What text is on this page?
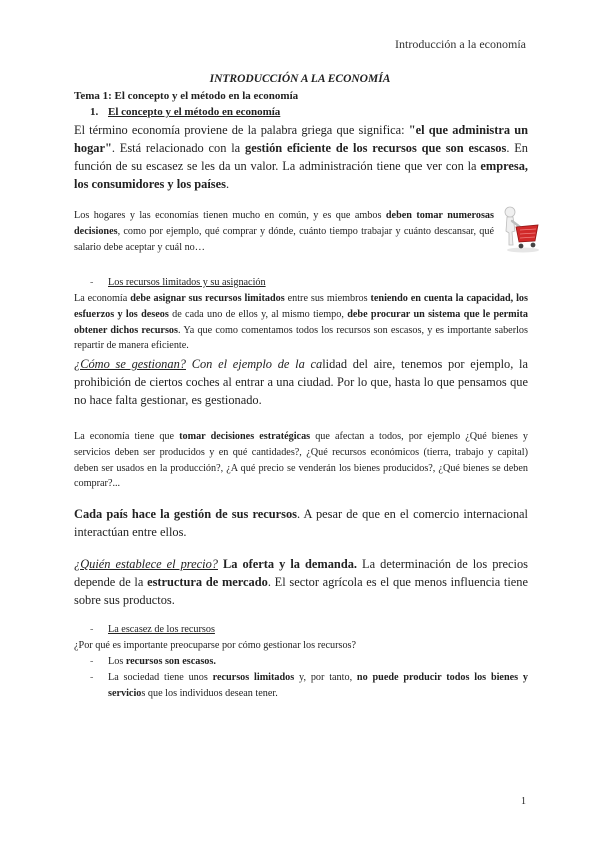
Introducción a la economía
INTRODUCCIÓN A LA ECONOMÍA
Tema 1: El concepto y el método en la economía
1. El concepto y el método en economía

El término economía proviene de la palabra griega que significa: "el que administra un hogar". Está relacionado con la gestión eficiente de los recursos que son escasos. En función de su escasez se les da un valor. La administración tiene que ver con la empresa, los consumidores y los países.

Los hogares y las economías tienen mucho en común, y es que ambos deben tomar numerosas decisiones, como por ejemplo, qué comprar y dónde, cuánto tiempo trabajar y cuánto descansar, qué salario debe aceptar y cuál no…

- Los recursos limitados y su asignación

La economía debe asignar sus recursos limitados entre sus miembros teniendo en cuenta la capacidad, los esfuerzos y los deseos de cada uno de ellos y, al mismo tiempo, debe procurar un sistema que le permita obtener dichos recursos. Ya que como comentamos todos los recursos son escasos, y es importante saberlos repartir de manera eficiente.

¿Cómo se gestionan? Con el ejemplo de la calidad del aire, tenemos por ejemplo, la prohibición de ciertos coches al entrar a una ciudad. Por lo que, hasta lo que pensamos que no hace falta gestionar, es gestionado.

La economía tiene que tomar decisiones estratégicas que afectan a todos, por ejemplo ¿Qué bienes y servicios deben ser producidos y en qué cantidades?, ¿Qué recursos económicos (tierra, trabajo y capital) deben ser usados en la producción?, ¿A qué precio se venderán los bienes producidos?, ¿Qué bienes se deben comprar?...

Cada país hace la gestión de sus recursos. A pesar de que en el comercio internacional interactúan entre ellos.

¿Quién establece el precio? La oferta y la demanda. La determinación de los precios depende de la estructura de mercado. El sector agrícola es el que menos influencia tiene sobre sus productos.

- La escasez de los recursos

¿Por qué es importante preocuparse por cómo gestionar los recursos?

- Los recursos son escasos.
- La sociedad tiene unos recursos limitados y, por tanto, no puede producir todos los bienes y servicios que los individuos desean tener.
1
